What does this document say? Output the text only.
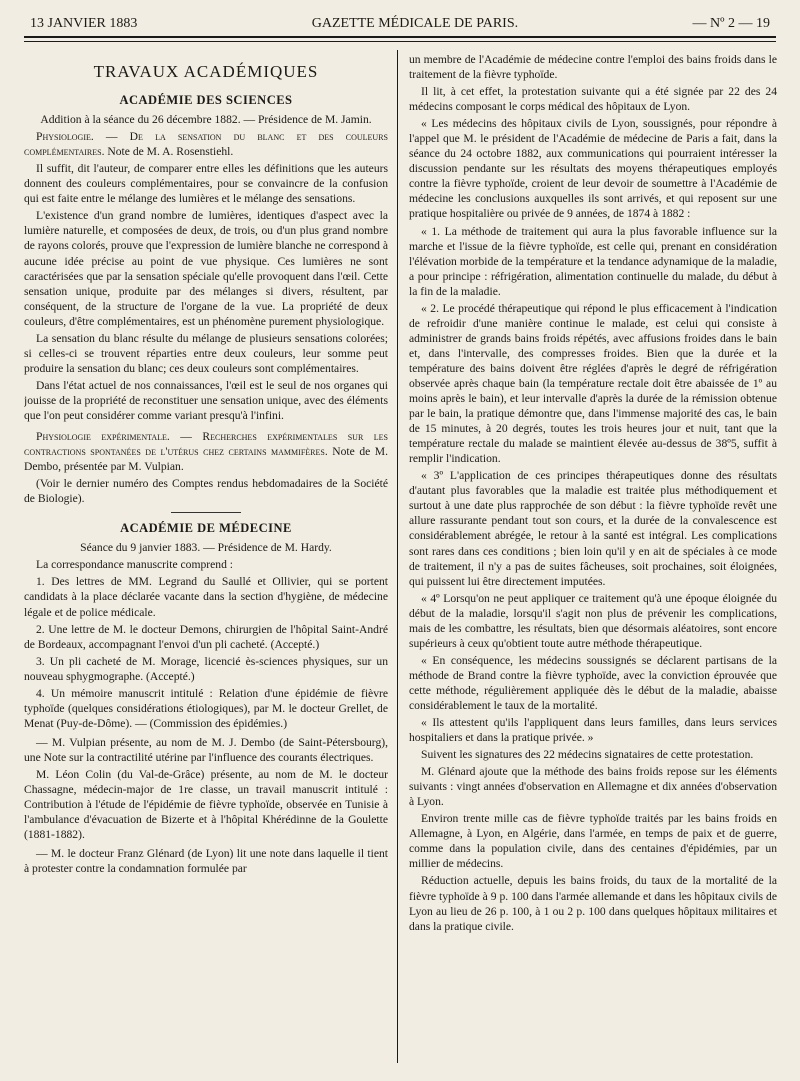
13 JANVIER 1883	GAZETTE MÉDICALE DE PARIS.	— Nº 2 — 19
TRAVAUX ACADÉMIQUES
ACADÉMIE DES SCIENCES

Addition à la séance du 26 décembre 1882. — Présidence de M. Jamin.

Physiologie. — De la sensation du blanc et des couleurs complémentaires. Note de M. A. Rosenstiehl.

Il suffit, dit l'auteur, de comparer entre elles les définitions que les auteurs donnent des couleurs complémentaires, pour se convaincre de la confusion qui est faite entre le mélange des lumières et le mélange des sensations.

L'existence d'un grand nombre de lumières, identiques d'aspect avec la lumière naturelle, et composées de deux, de trois, ou d'un plus grand nombre de rayons colorés, prouve que l'expression de lumière blanche ne correspond à aucune idée précise au point de vue physique. Ces lumières ne sont caractérisées que par la sensation spéciale qu'elle provoquent dans l'œil. Cette sensation unique, produite par des mélanges si divers, résultent, par conséquent, de la structure de l'organe de la vue. La propriété de deux couleurs, d'être complémentaires, est un phénomène purement physiologique.

La sensation du blanc résulte du mélange de plusieurs sensations colorées; si celles-ci se trouvent réparties entre deux couleurs, leur somme peut produire la sensation du blanc; ces deux couleurs sont complémentaires.

Dans l'état actuel de nos connaissances, l'œil est le seul de nos organes qui jouisse de la propriété de reconstituer une sensation unique, avec des éléments que l'on peut considérer comme variant presqu'à l'infini.

Physiologie expérimentale. — Recherches expérimentales sur les contractions spontanées de l'utérus chez certains mammifères. Note de M. Dembo, présentée par M. Vulpian.

(Voir le dernier numéro des Comptes rendus hebdomadaires de la Société de Biologie).

ACADÉMIE DE MÉDECINE

Séance du 9 janvier 1883. — Présidence de M. Hardy.

La correspondance manuscrite comprend :

1. Des lettres de MM. Legrand du Saullé et Ollivier, qui se portent candidats à la place déclarée vacante dans la section d'hygiène, de médecine légale et de police médicale.

2. Une lettre de M. le docteur Demons, chirurgien de l'hôpital Saint-André de Bordeaux, accompagnant l'envoi d'un pli cacheté. (Accepté.)

3. Un pli cacheté de M. Morage, licencié ès-sciences physiques, sur un nouveau sphygmographe. (Accepté.)

4. Un mémoire manuscrit intitulé : Relation d'une épidémie de fièvre typhoïde (quelques considérations étiologiques), par M. le docteur Grellet, de Menat (Puy-de-Dôme). — (Commission des épidémies.)

— M. Vulpian présente, au nom de M. J. Dembo (de Saint-Pétersbourg), une Note sur la contractilité utérine par l'influence des courants électriques.

M. Léon Colin (du Val-de-Grâce) présente, au nom de M. le docteur Chassagne, médecin-major de 1re classe, un travail manuscrit intitulé : Contribution à l'étude de l'épidémie de fièvre typhoïde, observée en Tunisie à l'ambulance d'évacuation de Bizerte et à l'hôpital Khérédinne de la Goulette (1881-1882).

— M. le docteur Franz Glénard (de Lyon) lit une note dans laquelle il tient à protester contre la condamnation formulée par

un membre de l'Académie de médecine contre l'emploi des bains froids dans le traitement de la fièvre typhoïde.

Il lit, à cet effet, la protestation suivante qui a été signée par 22 des 24 médecins composant le corps médical des hôpitaux de Lyon.

« Les médecins des hôpitaux civils de Lyon, soussignés, pour répondre à l'appel que M. le président de l'Académie de médecine de Paris a fait, dans la séance du 24 octobre 1882, aux communications qui pourraient intéresser la discussion pendante sur les résultats des moyens thérapeutiques employés contre la fièvre typhoïde, croient de leur devoir de soumettre à l'Académie de médecine les conclusions auxquelles ils sont arrivés, et qui reposent sur une pratique hospitalière ou privée de 9 années, de 1874 à 1882 :

« 1. La méthode de traitement qui aura la plus favorable influence sur la marche et l'issue de la fièvre typhoïde, est celle qui, prenant en considération l'élévation morbide de la température et la tendance adynamique de la maladie, a pour principe : réfrigération, alimentation continuelle du malade, du début à la fin de la maladie.

« 2. Le procédé thérapeutique qui répond le plus efficacement à l'indication de refroidir d'une manière continue le malade, est celui qui consiste à administrer de grands bains froids répétés, avec affusions froides dans le bain et, dans l'intervalle, des compresses froides. Bien que la durée et la température des bains doivent être réglées d'après le degré de réfrigération observée après chaque bain (la température rectale doit être abaissée de 1º au moins après le bain), et leur intervalle d'après la durée de la rémission obtenue par le bain, la pratique démontre que, dans l'immense majorité des cas, le bain de 15 minutes, à 20 degrés, toutes les trois heures jour et nuit, tant que la température rectale du malade se maintient élevée au-dessus de 38º5, suffit à remplir l'indication.

« 3º L'application de ces principes thérapeutiques donne des résultats d'autant plus favorables que la maladie est traitée plus méthodiquement et surtout à une date plus rapprochée de son début : la fièvre typhoïde revêt une allure rassurante pendant tout son cours, et la durée de la convalescence est considérablement abrégée, le retour à la santé est intégral. Les complications sont rares dans ces conditions ; bien loin qu'il y en ait de spéciales à ce mode de traitement, il n'y a pas de suites fâcheuses, soit prochaines, soit éloignées, qui puissent lui être directement imputées.

« 4º Lorsqu'on ne peut appliquer ce traitement qu'à une époque éloignée du début de la maladie, lorsqu'il s'agit non plus de prévenir les complications, mais de les combattre, les résultats, bien que désormais aléatoires, sont encore supérieurs à ceux qu'obtient toute autre méthode thérapeutique.

« En conséquence, les médecins soussignés se déclarent partisans de la méthode de Brand contre la fièvre typhoïde, avec la conviction éprouvée que cette méthode, régulièrement appliquée dès le début de la maladie, abaisse considérablement le taux de la mortalité.

« Ils attestent qu'ils l'appliquent dans leurs familles, dans leurs services hospitaliers et dans la pratique privée. »

Suivent les signatures des 22 médecins signataires de cette protestation.

M. Glénard ajoute que la méthode des bains froids repose sur les éléments suivants : vingt années d'observation en Allemagne et dix années d'observation à Lyon.

Environ trente mille cas de fièvre typhoïde traités par les bains froids en Allemagne, à Lyon, en Algérie, dans l'armée, en temps de paix et de guerre, comme dans la population civile, dans des centaines d'épidémies, par un millier de médecins.

Réduction actuelle, depuis les bains froids, du taux de la mortalité de la fièvre typhoïde à 9 p. 100 dans l'armée allemande et dans les hôpitaux civils de Lyon au lieu de 26 p. 100, à 1 ou 2 p. 100 dans quelques hôpitaux militaires et dans la pratique civile.
